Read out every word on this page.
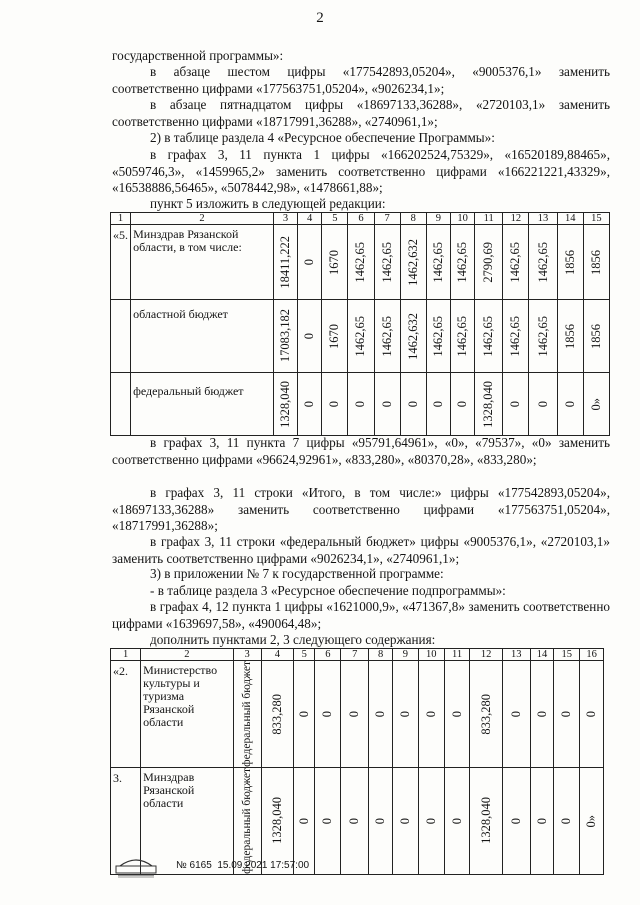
2
государственной программы»:
в абзаце шестом цифры «177542893,05204», «9005376,1» заменить соответственно цифрами «177563751,05204», «9026234,1»;
в абзаце пятнадцатом цифры «18697133,36288», «2720103,1» заменить соответственно цифрами «18717991,36288», «2740961,1»;
2) в таблице раздела 4 «Ресурсное обеспечение Программы»:
в графах 3, 11 пункта 1 цифры «166202524,75329», «16520189,88465», «5059746,3», «1459965,2» заменить соответственно цифрами «166221221,43329», «16538886,56465», «5078442,98», «1478661,88»;
пункт 5 изложить в следующей редакции:
1	2	3	4	5	6	7	8	9	10	11	12	13	14	15
«5.	Минздрав Рязанской области, в том числе:	18411,222	0	1670	1462,65	1462,65	1462,632	1462,65	1462,65	2790,69	1462,65	1462,65	1856	1856

	областной бюджет	17083,182	0	1670	1462,65	1462,65	1462,632	1462,65	1462,65	1462,65	1462,65	1462,65	1856	1856

	федеральный бюджет	1328,040	0	0	0	0	0	0	0	1328,040	0	0	0	0»
в графах 3, 11 пункта 7 цифры «95791,64961», «0», «79537», «0» заменить соответственно цифрами «96624,92961», «833,280», «80370,28», «833,280»;
в графах 3, 11 строки «Итого, в том числе:» цифры «177542893,05204», «18697133,36288» заменить соответственно цифрами «177563751,05204», «18717991,36288»;
в графах 3, 11 строки «федеральный бюджет» цифры «9005376,1», «2720103,1» заменить соответственно цифрами «9026234,1», «2740961,1»;
3) в приложении № 7 к государственной программе:
- в таблице раздела 3 «Ресурсное обеспечение подпрограммы»:
в графах 4, 12 пункта 1 цифры «1621000,9», «471367,8» заменить соответственно цифрами «1639697,58», «490064,48»;
дополнить пунктами 2, 3 следующего содержания:
1	2	3	4	5	6	7	8	9	10	11	12	13	14	15	16
«2.	Министерство культуры и туризма Рязанской области	федеральный бюджет	833,280	0	0	0	0	0	0	0	833,280	0	0	0	0

3.	Минздрав Рязанской области	федеральный бюджет	1328,040	0	0	0	0	0	0	0	1328,040	0	0	0	0»
№ 6165 15.09.2021 17:57:00
